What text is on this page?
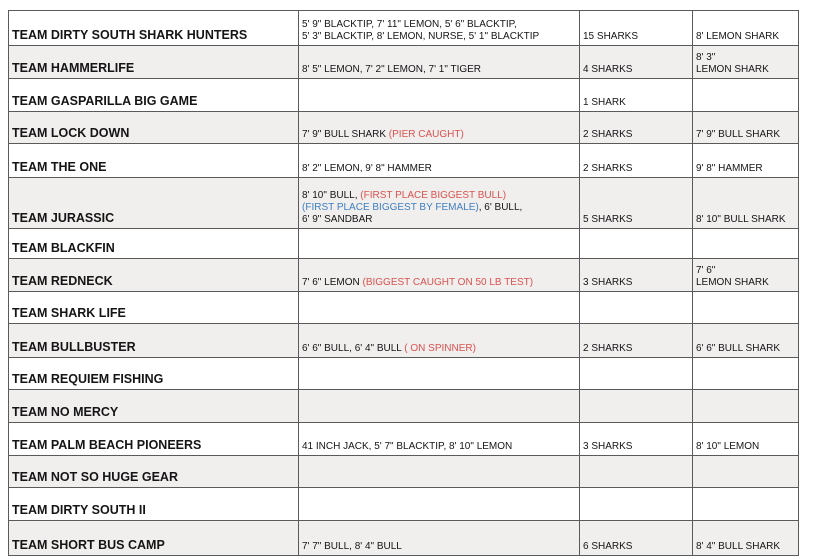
TEAM DIRTY SOUTH SHARK HUNTERS	5' 9" BLACKTIP, 7' 11" LEMON, 5' 6" BLACKTIP,
5' 3" BLACKTIP, 8' LEMON, NURSE, 5' 1" BLACKTIP	15 SHARKS	8' LEMON SHARK

TEAM HAMMERLIFE	8' 5" LEMON, 7' 2" LEMON, 7' 1" TIGER	4 SHARKS	8' 3"
LEMON SHARK

TEAM GASPARILLA BIG GAME		1 SHARK	
TEAM LOCK DOWN	7' 9" BULL SHARK (PIER CAUGHT)	2 SHARKS	7' 9" BULL SHARK

TEAM THE ONE	8' 2" LEMON, 9' 8" HAMMER	2 SHARKS	9' 8" HAMMER

TEAM JURASSIC	8' 10" BULL, (FIRST PLACE BIGGEST BULL)
(FIRST PLACE BIGGEST BY FEMALE), 6' BULL,
6' 9" SANDBAR	5 SHARKS	8' 10" BULL SHARK

TEAM BLACKFIN			
TEAM REDNECK	7' 6" LEMON (BIGGEST CAUGHT ON 50 LB TEST)	3 SHARKS	7' 6"
LEMON SHARK

TEAM SHARK LIFE			
TEAM BULLBUSTER	6' 6" BULL, 6' 4" BULL ( ON SPINNER)	2 SHARKS	6' 6" BULL SHARK

TEAM REQUIEM FISHING			
TEAM NO MERCY			
TEAM PALM BEACH PIONEERS	41 INCH JACK, 5' 7" BLACKTIP, 8' 10" LEMON	3 SHARKS	8' 10" LEMON

TEAM NOT SO HUGE GEAR			
TEAM DIRTY SOUTH II			
TEAM SHORT BUS CAMP	7' 7" BULL, 8' 4" BULL	6 SHARKS	8' 4" BULL SHARK
